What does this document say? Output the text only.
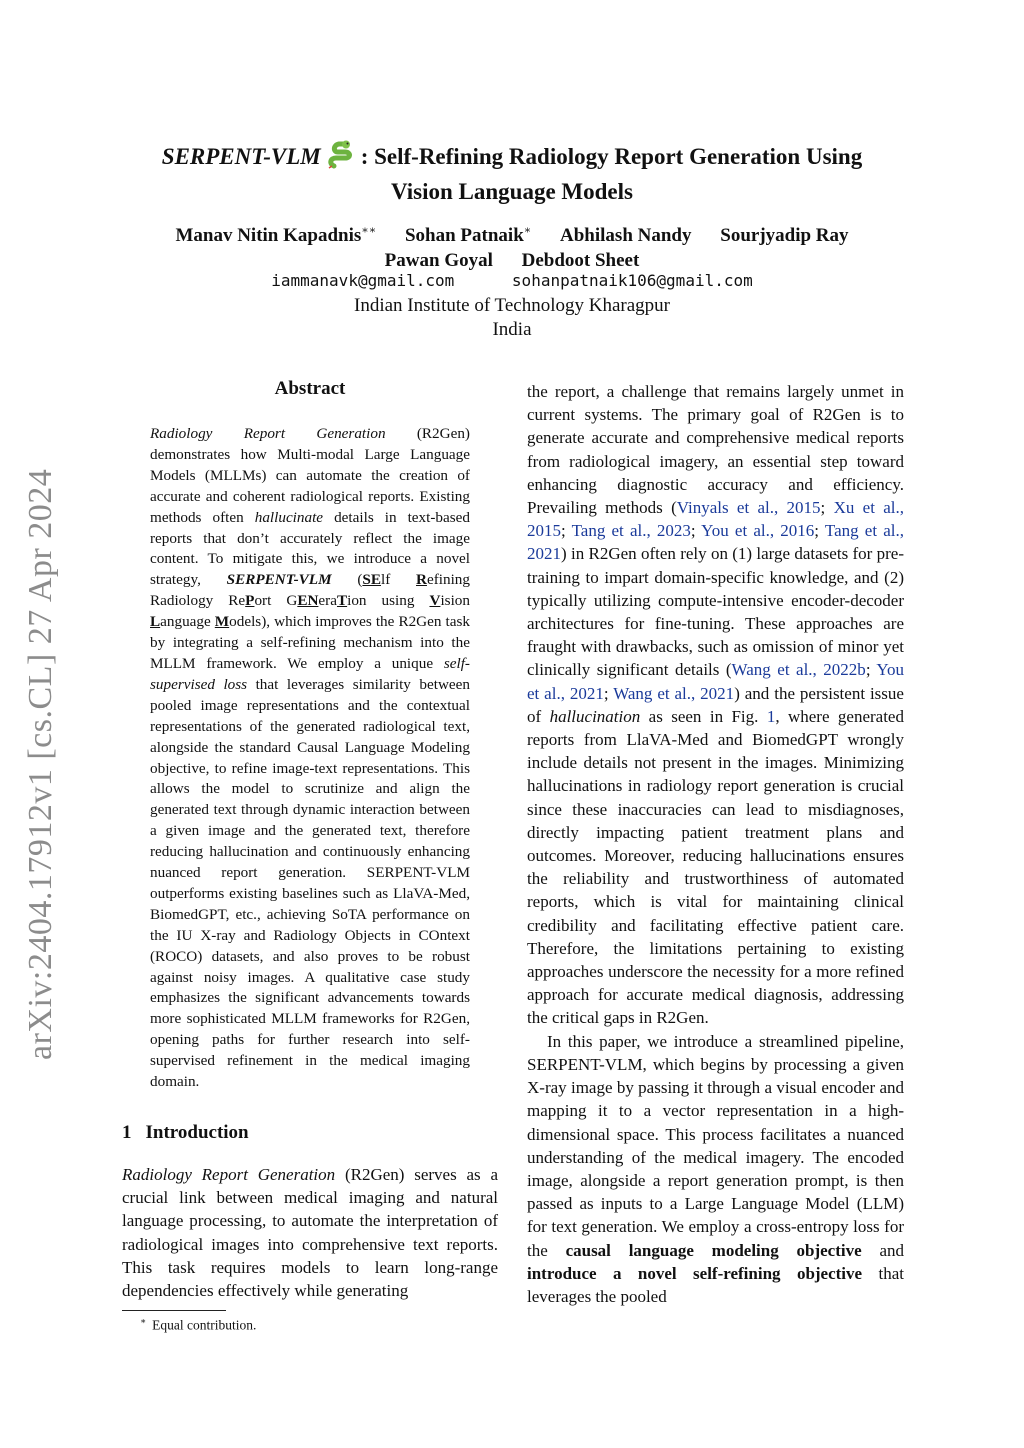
arXiv:2404.17912v1 [cs.CL] 27 Apr 2024
SERPENT-VLM : Self-Refining Radiology Report Generation Using
Vision Language Models
Manav Nitin Kapadnis∗∗ Sohan Patnaik∗ Abhilash Nandy Sourjyadip Ray
Pawan Goyal Debdoot Sheet
iammanavk@gmail.com	sohanpatnaik106@gmail.com
Indian Institute of Technology Kharagpur
India
Abstract

Radiology Report Generation (R2Gen) demonstrates how Multi-modal Large Language Models (MLLMs) can automate the creation of accurate and coherent radiological reports. Existing methods often hallucinate details in text-based reports that don’t accurately reflect the image content. To mitigate this, we introduce a novel strategy, SERPENT-VLM (SElf Refining Radiology RePort GENeraTion using Vision Language Models), which improves the R2Gen task by integrating a self-refining mechanism into the MLLM framework. We employ a unique self-supervised loss that leverages similarity between pooled image representations and the contextual representations of the generated radiological text, alongside the standard Causal Language Modeling objective, to refine image-text representations. This allows the model to scrutinize and align the generated text through dynamic interaction between a given image and the generated text, therefore reducing hallucination and continuously enhancing nuanced report generation. SERPENT-VLM outperforms existing baselines such as LlaVA-Med, BiomedGPT, etc., achieving SoTA performance on the IU X-ray and Radiology Objects in COntext (ROCO) datasets, and also proves to be robust against noisy images. A qualitative case study emphasizes the significant advancements towards more sophisticated MLLM frameworks for R2Gen, opening paths for further research into self-supervised refinement in the medical imaging domain.

1 Introduction

Radiology Report Generation (R2Gen) serves as a crucial link between medical imaging and natural language processing, to automate the interpretation of radiological images into comprehensive text reports. This task requires models to learn long-range dependencies effectively while generating

∗ Equal contribution.

the report, a challenge that remains largely unmet in current systems. The primary goal of R2Gen is to generate accurate and comprehensive medical reports from radiological imagery, an essential step toward enhancing diagnostic accuracy and efficiency. Prevailing methods (Vinyals et al., 2015; Xu et al., 2015; Tang et al., 2023; You et al., 2016; Tang et al., 2021) in R2Gen often rely on (1) large datasets for pre-training to impart domain-specific knowledge, and (2) typically utilizing compute-intensive encoder-decoder architectures for fine-tuning. These approaches are fraught with drawbacks, such as omission of minor yet clinically significant details (Wang et al., 2022b; You et al., 2021; Wang et al., 2021) and the persistent issue of hallucination as seen in Fig. 1, where generated reports from LlaVA-Med and BiomedGPT wrongly include details not present in the images. Minimizing hallucinations in radiology report generation is crucial since these inaccuracies can lead to misdiagnoses, directly impacting patient treatment plans and outcomes. Moreover, reducing hallucinations ensures the reliability and trustworthiness of automated reports, which is vital for maintaining clinical credibility and facilitating effective patient care. Therefore, the limitations pertaining to existing approaches underscore the necessity for a more refined approach for accurate medical diagnosis, addressing the critical gaps in R2Gen.

In this paper, we introduce a streamlined pipeline, SERPENT-VLM, which begins by processing a given X-ray image by passing it through a visual encoder and mapping it to a vector representation in a high-dimensional space. This process facilitates a nuanced understanding of the medical imagery. The encoded image, alongside a report generation prompt, is then passed as inputs to a Large Language Model (LLM) for text generation. We employ a cross-entropy loss for the causal language modeling objective and introduce a novel self-refining objective that leverages the pooled
